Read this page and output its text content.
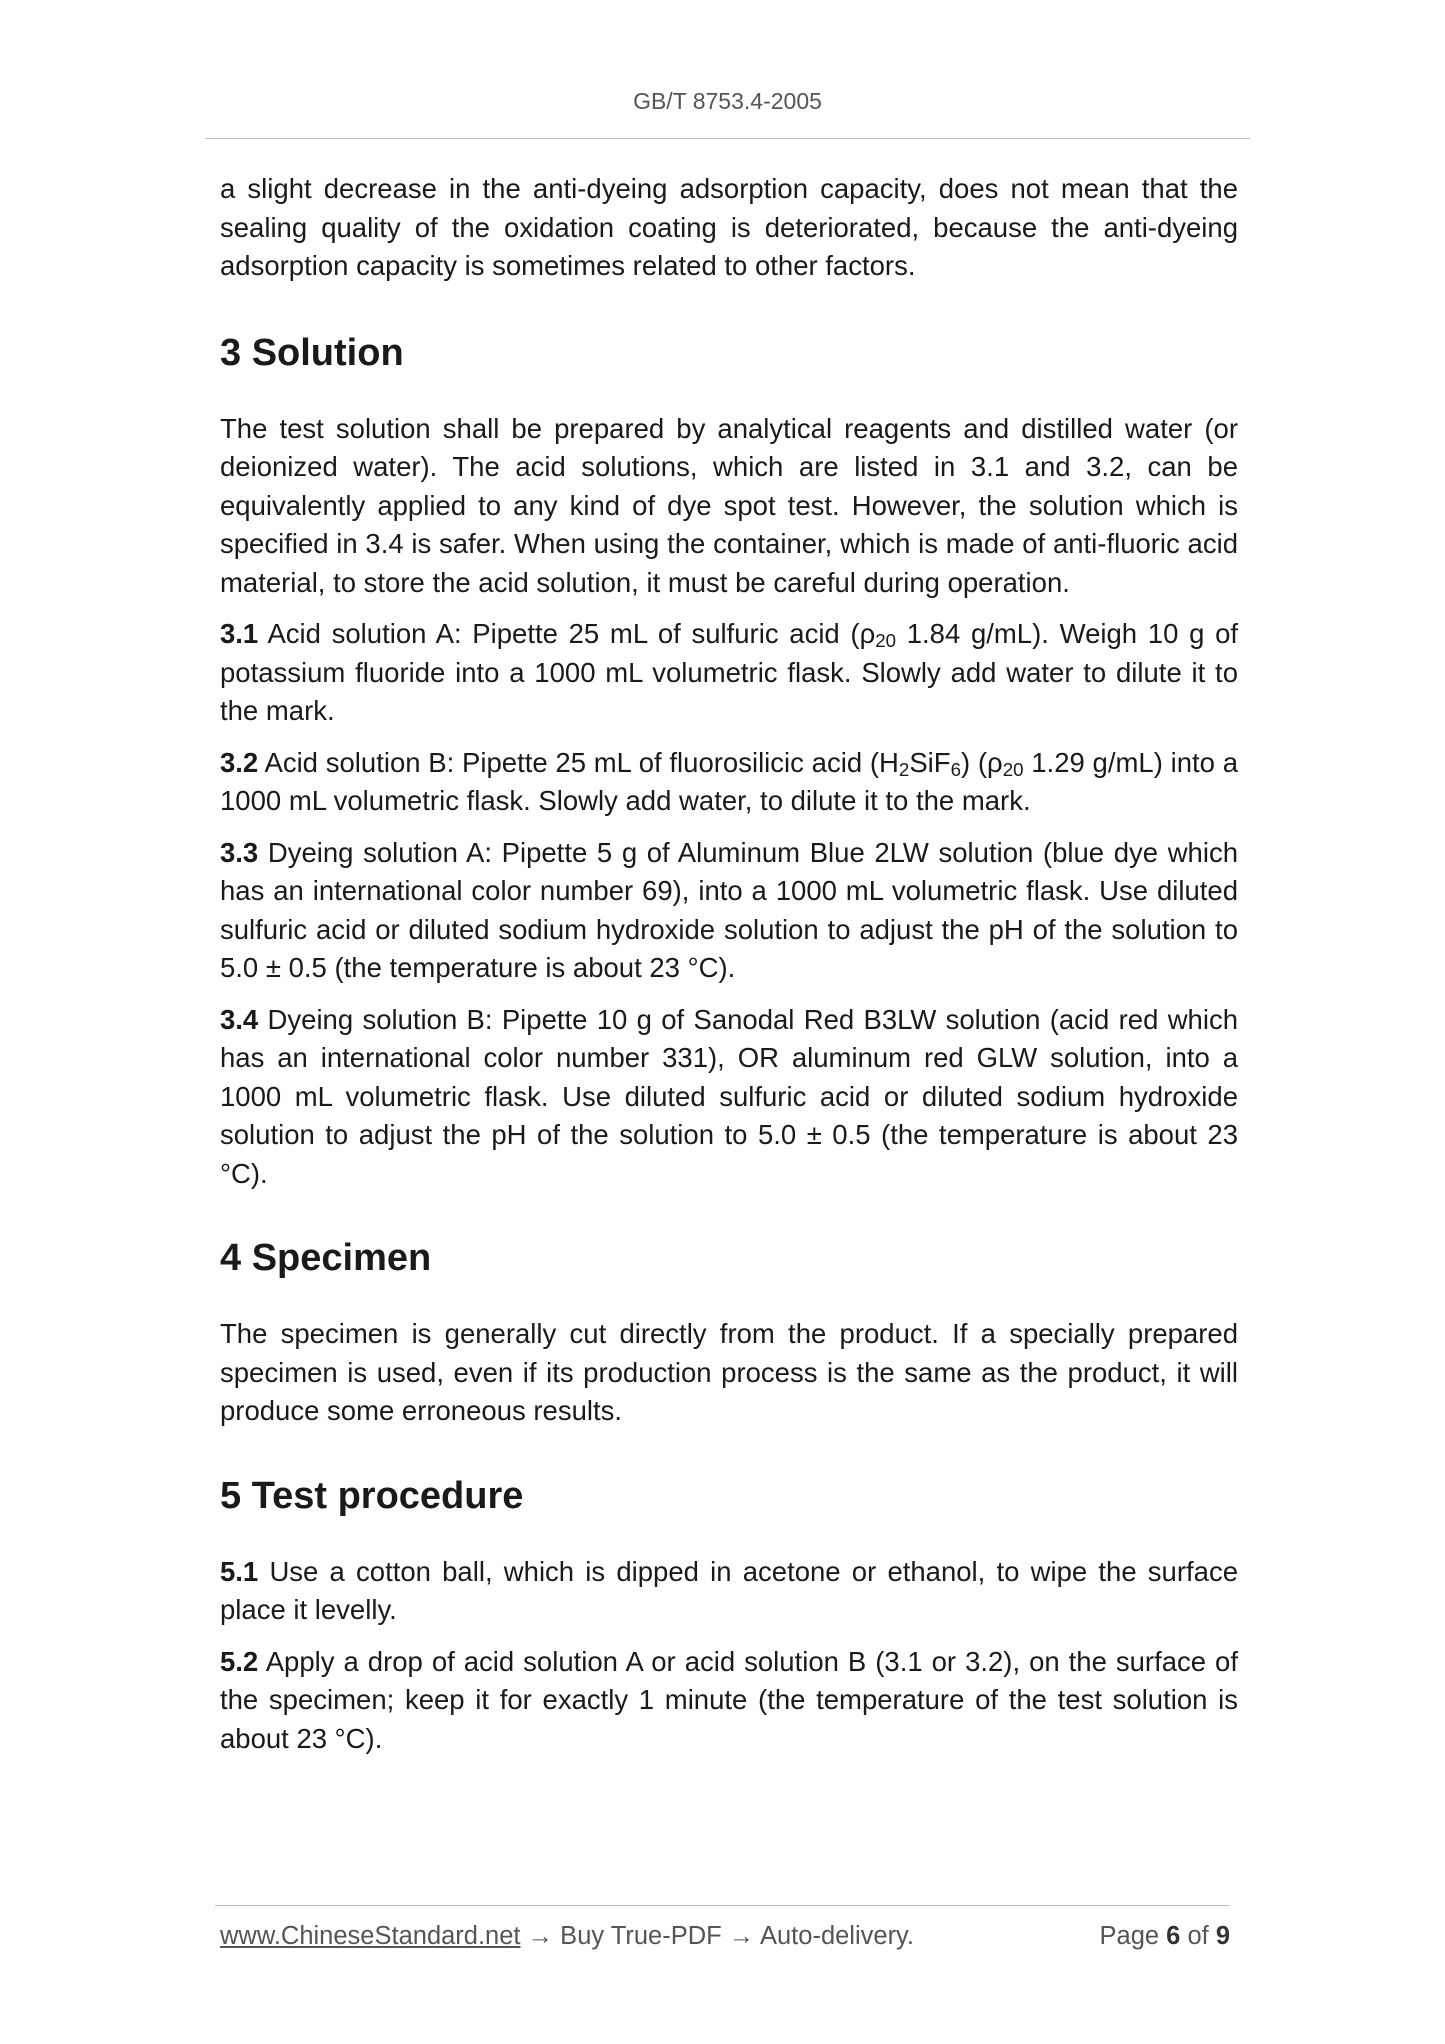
GB/T 8753.4-2005

a slight decrease in the anti-dyeing adsorption capacity, does not mean that the sealing quality of the oxidation coating is deteriorated, because the anti-dyeing adsorption capacity is sometimes related to other factors.

3 Solution

The test solution shall be prepared by analytical reagents and distilled water (or deionized water). The acid solutions, which are listed in 3.1 and 3.2, can be equivalently applied to any kind of dye spot test. However, the solution which is specified in 3.4 is safer. When using the container, which is made of anti-fluoric acid material, to store the acid solution, it must be careful during operation.

3.1 Acid solution A: Pipette 25 mL of sulfuric acid ($\rho_{20}$ 1.84 g/mL). Weigh 10 g of potassium fluoride into a 1000 mL volumetric flask. Slowly add water to dilute it to the mark.

3.2 Acid solution B: Pipette 25 mL of fluorosilicic acid $(H_2SiF_6)$ ($\rho_{20}$ 1.29 g/mL) into a 1000 mL volumetric flask. Slowly add water, to dilute it to the mark.

3.3 Dyeing solution A: Pipette 5 g of Aluminum Blue 2LW solution (blue dye which has an international color number 69), into a 1000 mL volumetric flask. Use diluted sulfuric acid or diluted sodium hydroxide solution to adjust the pH of the solution to 5.0 ± 0.5 (the temperature is about 23 °C).

3.4 Dyeing solution B: Pipette 10 g of Sanodal Red B3LW solution (acid red which has an international color number 331), OR aluminum red GLW solution, into a 1000 mL volumetric flask. Use diluted sulfuric acid or diluted sodium hydroxide solution to adjust the pH of the solution to 5.0 ± 0.5 (the temperature is about 23 °C).

4 Specimen

The specimen is generally cut directly from the product. If a specially prepared specimen is used, even if its production process is the same as the product, it will produce some erroneous results.

5 Test procedure

5.1 Use a cotton ball, which is dipped in acetone or ethanol, to wipe the surface place it levelly.

5.2 Apply a drop of acid solution A or acid solution B (3.1 or 3.2), on the surface of the specimen; keep it for exactly 1 minute (the temperature of the test solution is about 23 °C).

www.ChineseStandard.net → Buy True-PDF → Auto-delivery.	Page 6 of 9
